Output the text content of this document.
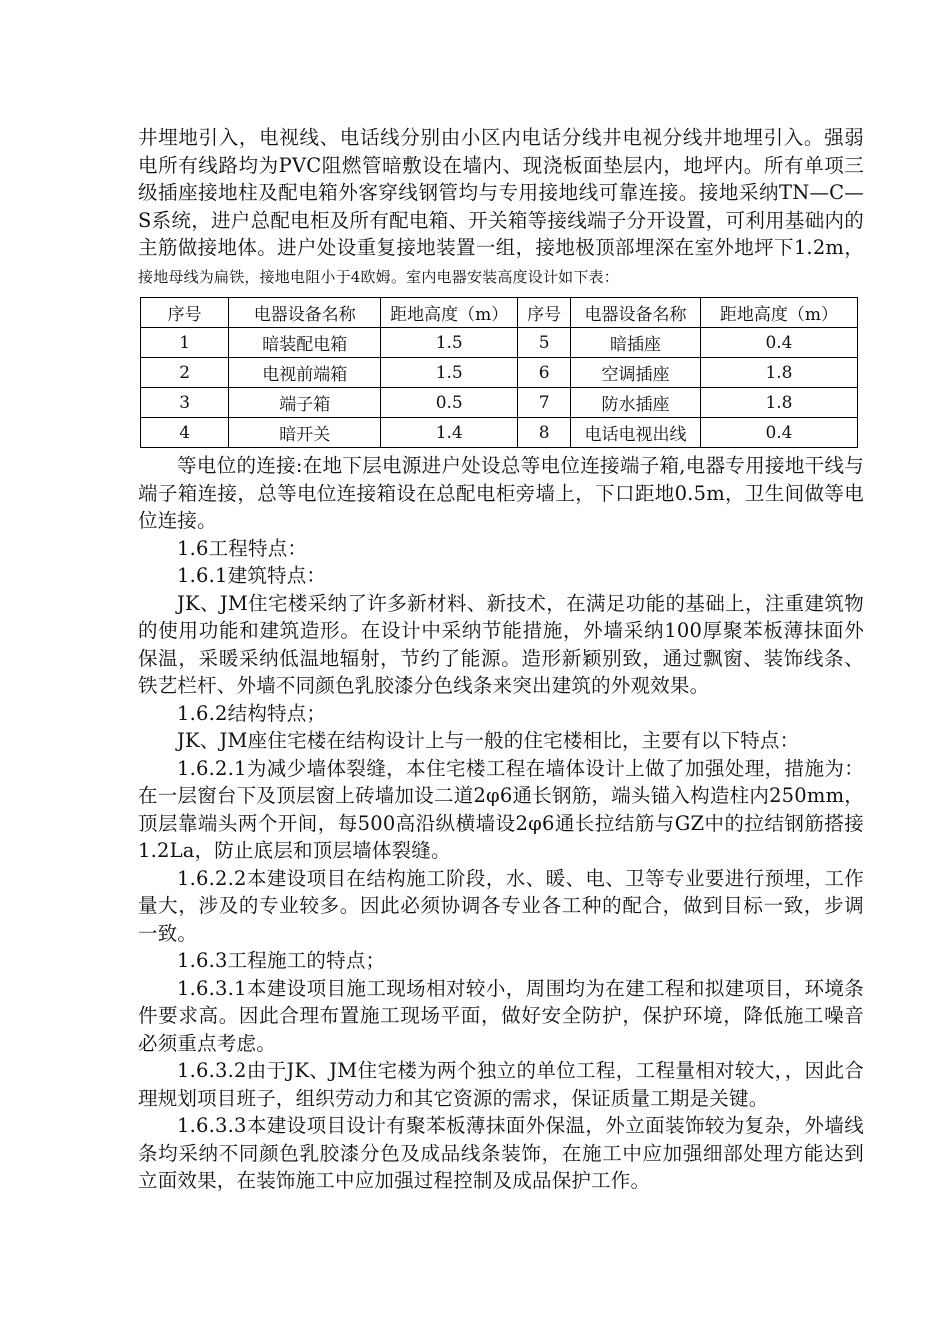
井埋地引入，电视线、电话线分别由小区内电话分线井电视分线井地埋引入。强弱电所有线路均为PVC阻燃管暗敷设在墙内、现浇板面垫层内，地坪内。所有单项三级插座接地柱及配电箱外客穿线钢管均与专用接地线可靠连接。接地采纳TN—C—S系统，进户总配电柜及所有配电箱、开关箱等接线端子分开设置，可利用基础内的主筋做接地体。进户处设重复接地装置一组，接地极顶部埋深在室外地坪下1.2m，接地母线为扁铁，接地电阻小于4欧姆。室内电器安装高度设计如下表：

序号	电器设备名称	距地高度（m）	序号	电器设备名称	距地高度（m）
1	暗装配电箱	1.5	5	暗插座	0.4
2	电视前端箱	1.5	6	空调插座	1.8
3	端子箱	0.5	7	防水插座	1.8
4	暗开关	1.4	8	电话电视出线	0.4

等电位的连接:在地下层电源进户处设总等电位连接端子箱,电器专用接地干线与端子箱连接，总等电位连接箱设在总配电柜旁墙上，下口距地0.5m，卫生间做等电位连接。

1.6工程特点：

1.6.1建筑特点：

JK、JM住宅楼采纳了许多新材料、新技术，在满足功能的基础上，注重建筑物的使用功能和建筑造形。在设计中采纳节能措施，外墙采纳100厚聚苯板薄抹面外保温，采暖采纳低温地辐射，节约了能源。造形新颖别致，通过飘窗、装饰线条、铁艺栏杆、外墙不同颜色乳胶漆分色线条来突出建筑的外观效果。

1.6.2结构特点；

JK、JM座住宅楼在结构设计上与一般的住宅楼相比，主要有以下特点：

1.6.2.1为减少墙体裂缝，本住宅楼工程在墙体设计上做了加强处理，措施为：在一层窗台下及顶层窗上砖墙加设二道2φ6通长钢筋，端头锚入构造柱内250mm，顶层靠端头两个开间，每500高沿纵横墙设2φ6通长拉结筋与GZ中的拉结钢筋搭接1.2La，防止底层和顶层墙体裂缝。

1.6.2.2本建设项目在结构施工阶段，水、暖、电、卫等专业要进行预埋，工作量大，涉及的专业较多。因此必须协调各专业各工种的配合，做到目标一致，步调一致。

1.6.3工程施工的特点；

1.6.3.1本建设项目施工现场相对较小，周围均为在建工程和拟建项目，环境条件要求高。因此合理布置施工现场平面，做好安全防护，保护环境，降低施工噪音必须重点考虑。

1.6.3.2由于JK、JM住宅楼为两个独立的单位工程，工程量相对较大，，因此合理规划项目班子，组织劳动力和其它资源的需求，保证质量工期是关键。

1.6.3.3本建设项目设计有聚苯板薄抹面外保温，外立面装饰较为复杂，外墙线条均采纳不同颜色乳胶漆分色及成品线条装饰，在施工中应加强细部处理方能达到立面效果，在装饰施工中应加强过程控制及成品保护工作。
